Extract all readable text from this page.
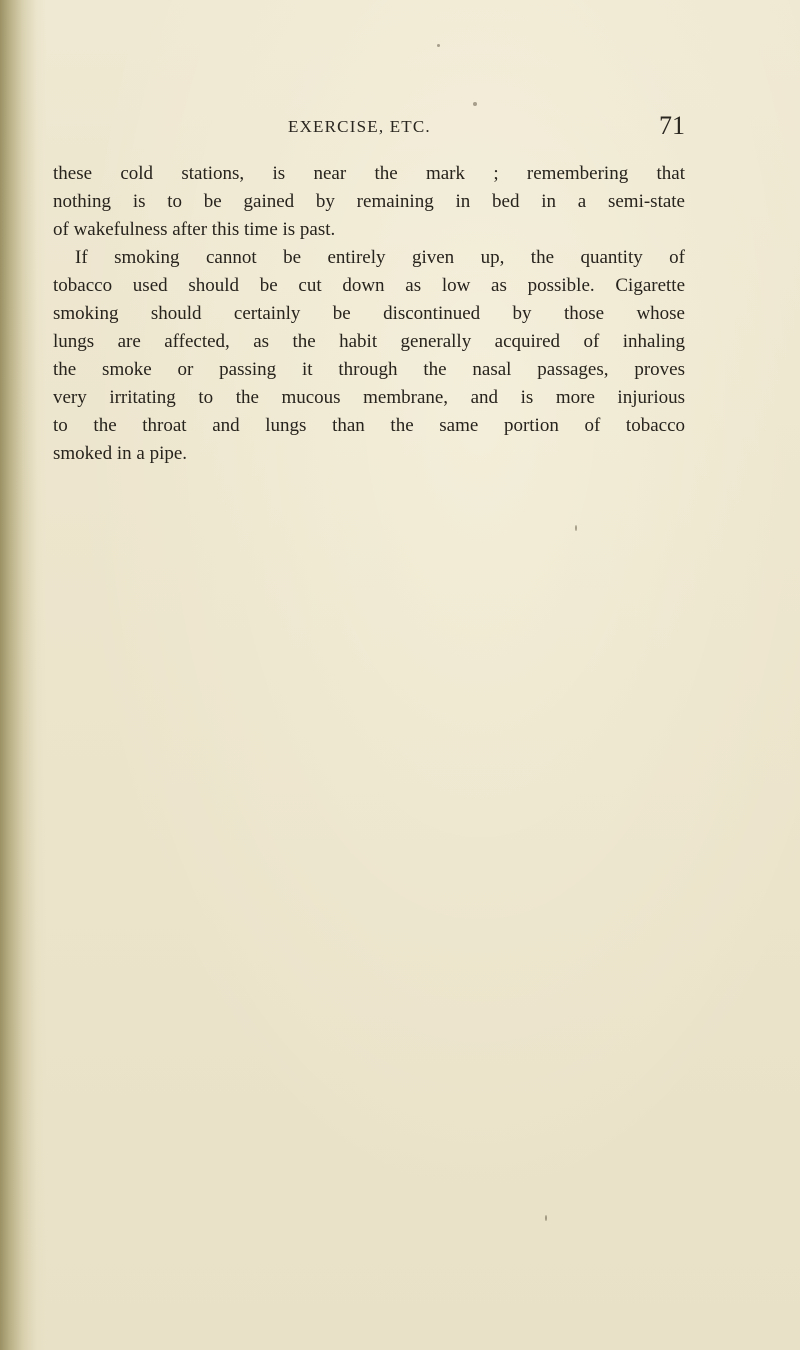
EXERCISE, ETC.	71
these cold stations, is near the mark ; remembering that
nothing is to be gained by remaining in bed in a semi-state
of wakefulness after this time is past.
If smoking cannot be entirely given up, the quantity of
tobacco used should be cut down as low as possible. Cigarette
smoking should certainly be discontinued by those whose
lungs are affected, as the habit generally acquired of inhaling
the smoke or passing it through the nasal passages, proves
very irritating to the mucous membrane, and is more injurious
to the throat and lungs than the same portion of tobacco
smoked in a pipe.
